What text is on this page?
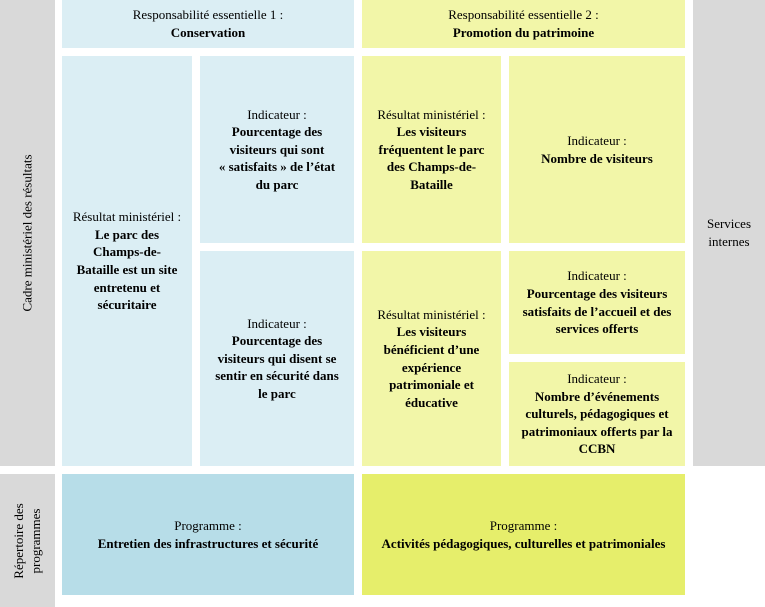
Cadre ministériel des résultats
Répertoire des programmes
Services
internes
Responsabilité essentielle 1 :
Conservation
Responsabilité essentielle 2 :
Promotion du patrimoine
Résultat ministériel :
Le parc des
Champs-de-
Bataille est un site
entretenu et
sécuritaire
Indicateur :
Pourcentage des
visiteurs qui sont
« satisfaits » de l’état
du parc
Indicateur :
Pourcentage des
visiteurs qui disent se
sentir en sécurité dans
le parc
Résultat ministériel :
Les visiteurs
fréquentent le parc
des Champs-de-
Bataille
Indicateur :
Nombre de visiteurs
Résultat ministériel :
Les visiteurs
bénéficient d’une
expérience
patrimoniale et
éducative
Indicateur :
Pourcentage des visiteurs
satisfaits de l’accueil et des
services offerts
Indicateur :
Nombre d’événements
culturels, pédagogiques et
patrimoniaux offerts par la
CCBN
Programme :
Entretien des infrastructures et sécurité
Programme :
Activités pédagogiques, culturelles et patrimoniales
